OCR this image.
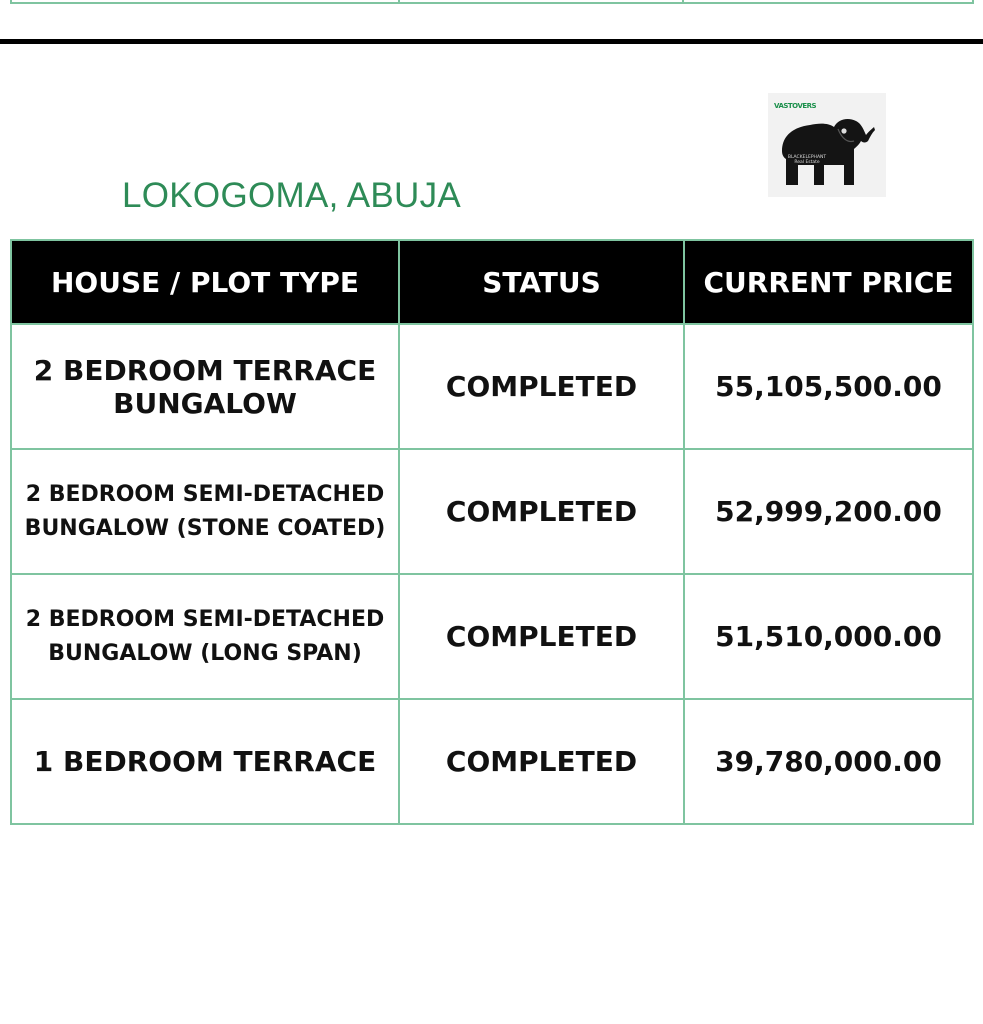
LOKOGOMA, ABUJA
VASTOVERS
BLACKELEPHANT
Real Estate
HOUSE / PLOT TYPE	STATUS	CURRENT PRICE

2 BEDROOM TERRACE
BUNGALOW	COMPLETED	55,105,500.00

2 BEDROOM SEMI-DETACHED
BUNGALOW (STONE COATED)	COMPLETED	52,999,200.00

2 BEDROOM SEMI-DETACHED
BUNGALOW (LONG SPAN)	COMPLETED	51,510,000.00
1 BEDROOM TERRACE	COMPLETED	39,780,000.00
